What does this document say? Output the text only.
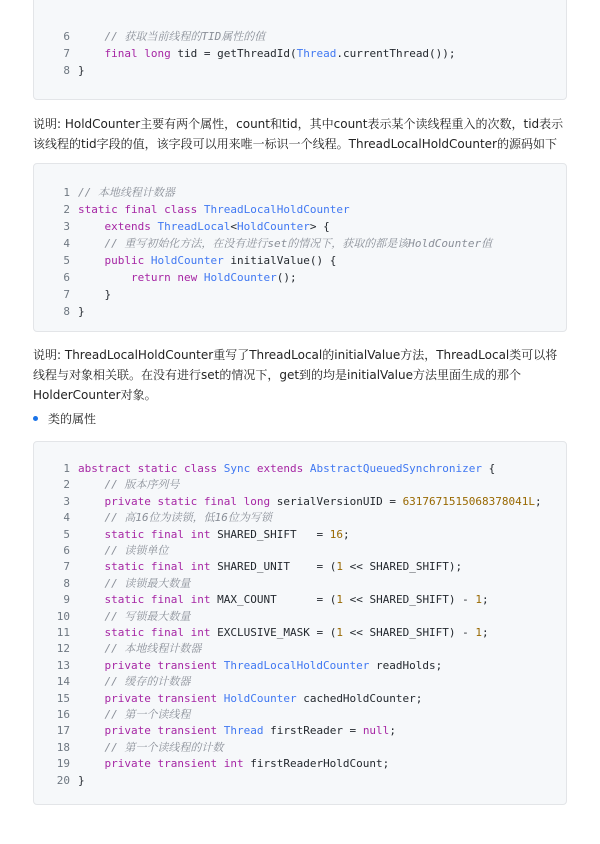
6	// 获取当前线程的TID属性的值
7	final long tid = getThreadId(Thread.currentThread());
8 }
说明: HoldCounter主要有两个属性，count和tid，其中count表示某个读线程重入的次数，tid表示该线程的tid字段的值，该字段可以用来唯一标识一个线程。ThreadLocalHoldCounter的源码如下
1 // 本地线程计数器
2 static final class ThreadLocalHoldCounter
3	extends ThreadLocal<HoldCounter> {
4	// 重写初始化方法，在没有进行set的情况下，获取的都是该HoldCounter值
5	public HoldCounter initialValue() {
6	return new HoldCounter();
7 }
8 }
说明: ThreadLocalHoldCounter重写了ThreadLocal的initialValue方法，ThreadLocal类可以将线程与对象相关联。在没有进行set的情况下，get到的均是initialValue方法里面生成的那个HolderCounter对象。
类的属性
1 abstract static class Sync extends AbstractQueuedSynchronizer {
2	// 版本序列号
3	private static final long serialVersionUID = 6317671515068378041L;
4	// 高16位为读锁，低16位为写锁
5	static final int SHARED_SHIFT   = 16;
6	// 读锁单位
7	static final int SHARED_UNIT    = (1 << SHARED_SHIFT);
8	// 读锁最大数量
9	static final int MAX_COUNT      = (1 << SHARED_SHIFT) - 1;
10	// 写锁最大数量
11	static final int EXCLUSIVE_MASK = (1 << SHARED_SHIFT) - 1;
12	// 本地线程计数器
13	private transient ThreadLocalHoldCounter readHolds;
14	// 缓存的计数器
15	private transient HoldCounter cachedHoldCounter;
16	// 第一个读线程
17	private transient Thread firstReader = null;
18	// 第一个读线程的计数
19	private transient int firstReaderHoldCount;
20 }
